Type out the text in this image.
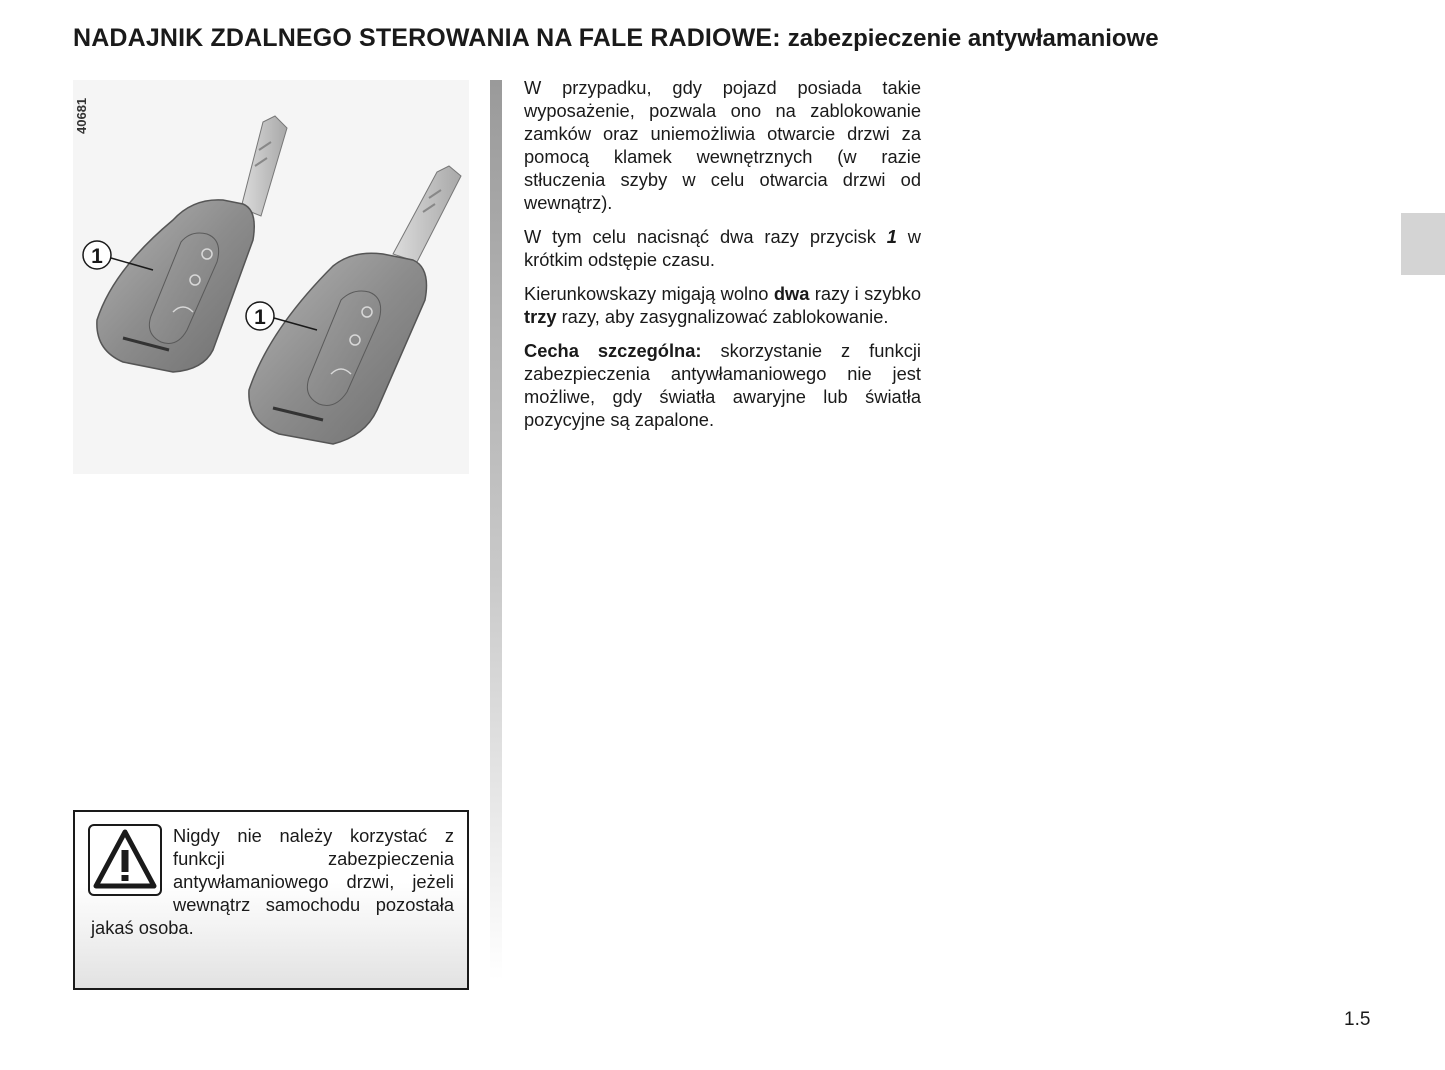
NADAJNIK ZDALNEGO STEROWANIA NA FALE RADIOWE: zabezpieczenie antywłamaniowe
1
1
40681

W przypadku, gdy pojazd posiada takie wyposażenie, pozwala ono na zablokowanie zamków oraz uniemożliwia otwarcie drzwi za pomocą klamek wewnętrznych (w razie stłuczenia szyby w celu otwarcia drzwi od wewnątrz).

W tym celu nacisnąć dwa razy przycisk 1 w krótkim odstępie czasu.

Kierunkowskazy migają wolno dwa razy i szybko trzy razy, aby zasygnalizować zablokowanie.

Cecha szczególna: skorzystanie z funkcji zabezpieczenia antywłamaniowego nie jest możliwe, gdy światła awaryjne lub światła pozycyjne są zapalone.

Nigdy nie należy korzystać z funkcji zabezpieczenia antywłamaniowego drzwi, jeżeli wewnątrz samochodu pozostała jakaś osoba.
1.5
